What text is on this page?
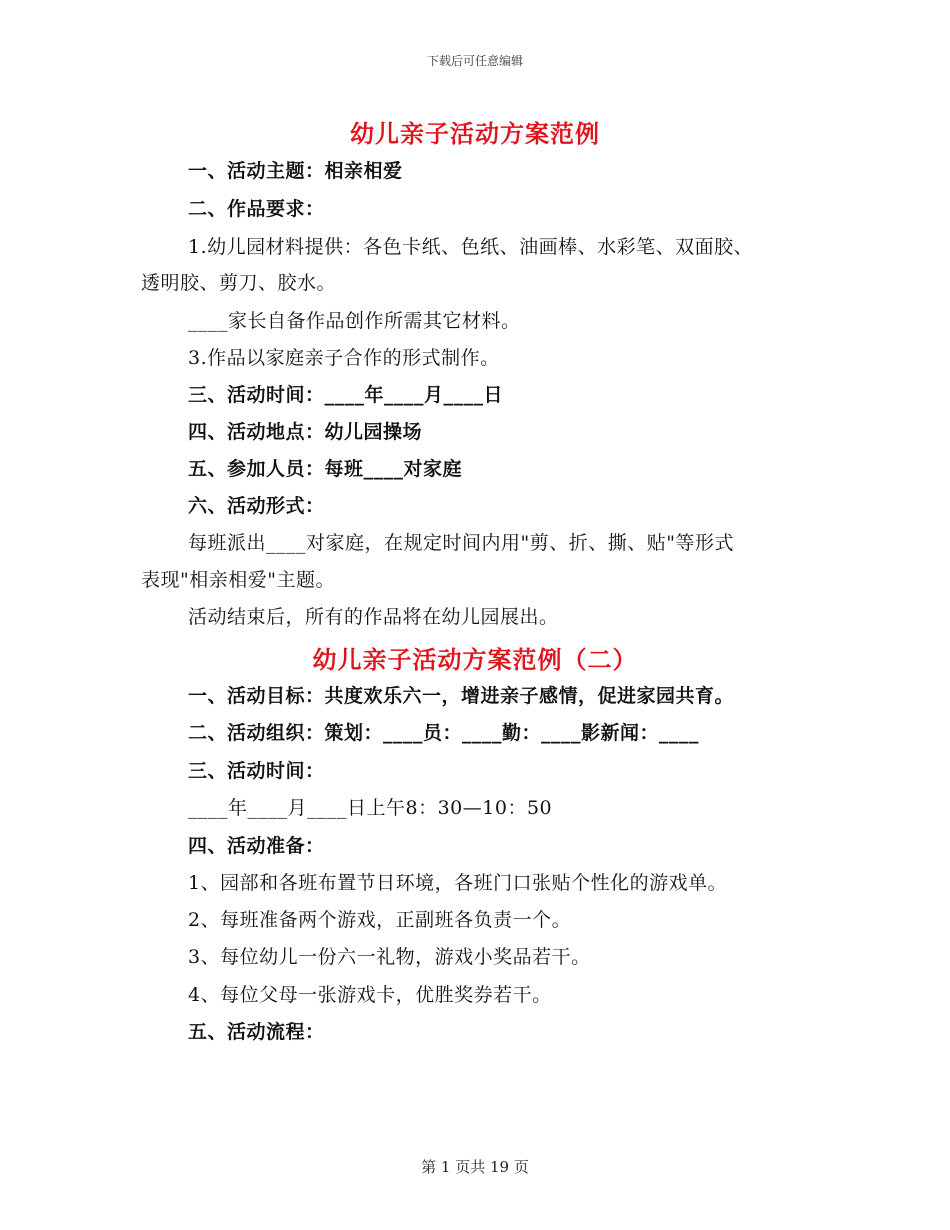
下载后可任意编辑
幼儿亲子活动方案范例
一、活动主题：相亲相爱
二、作品要求：
1.幼儿园材料提供：各色卡纸、色纸、油画棒、水彩笔、双面胶、
透明胶、剪刀、胶水。
____家长自备作品创作所需其它材料。
3.作品以家庭亲子合作的形式制作。
三、活动时间：____年____月____日
四、活动地点：幼儿园操场
五、参加人员：每班____对家庭
六、活动形式：
每班派出____对家庭，在规定时间内用"剪、折、撕、贴"等形式
表现"相亲相爱"主题。
活动结束后，所有的作品将在幼儿园展出。
幼儿亲子活动方案范例（二）
一、活动目标：共度欢乐六一，增进亲子感情，促进家园共育。
二、活动组织：策划：____员：____勤：____影新闻：____
三、活动时间：
____年____月____日上午8：30—10：50
四、活动准备：
1、园部和各班布置节日环境，各班门口张贴个性化的游戏单。
2、每班准备两个游戏，正副班各负责一个。
3、每位幼儿一份六一礼物，游戏小奖品若干。
4、每位父母一张游戏卡，优胜奖券若干。
五、活动流程：
第 1 页共 19 页
